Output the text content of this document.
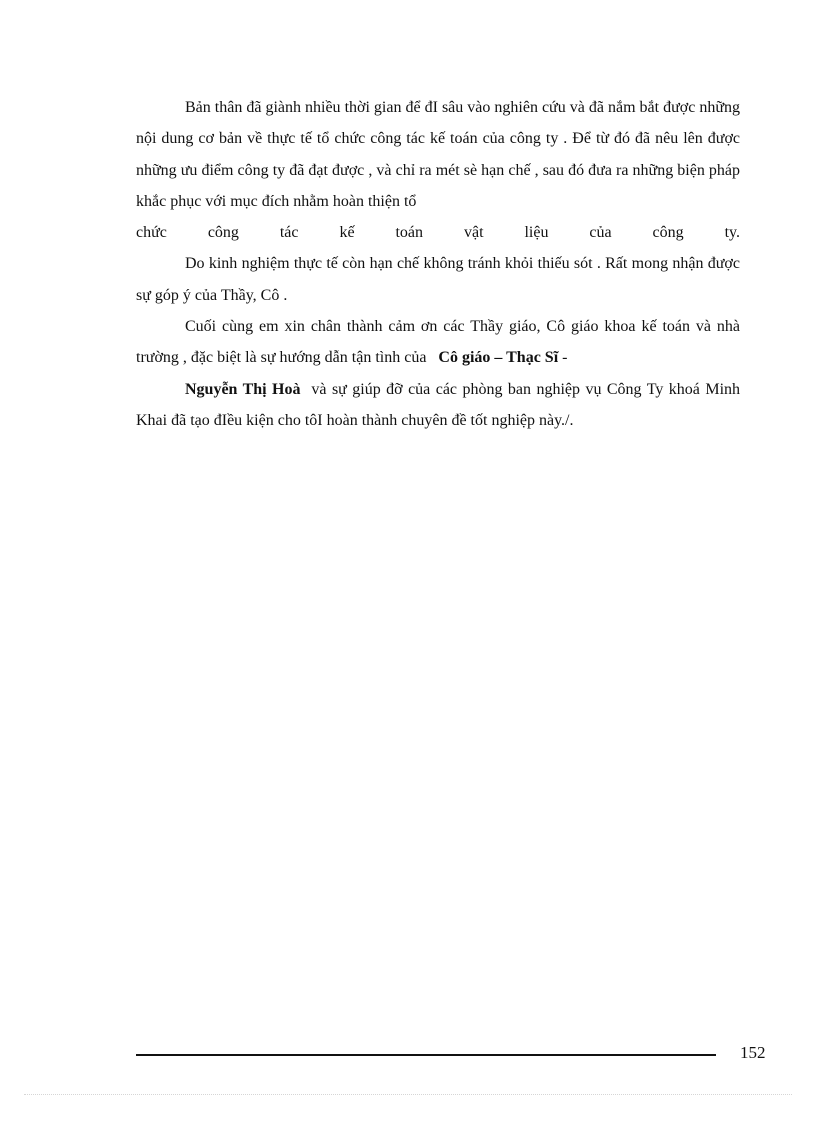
Bản thân đã giành nhiều thời gian để đI sâu vào nghiên cứu và đã nắm bắt được những nội dung cơ bản về thực tế tổ chức công tác kế toán của công ty . Để từ đó đã nêu lên được những ưu điểm công ty đã đạt được , và chỉ ra mét sè hạn chế , sau đó đưa ra những biện pháp khắc phục với mục đích nhằm hoàn thiện tổ

chức công tác kế toán vật liệu của công ty.

Do kinh nghiệm thực tế còn hạn chế không tránh khỏi thiếu sót . Rất mong nhận được sự góp ý của Thầy, Cô .

Cuối cùng em xin chân thành cảm ơn các Thầy giáo, Cô giáo khoa kế toán và nhà trường , đặc biệt là sự hướng dẫn tận tình của Cô giáo – Thạc Sĩ -

Nguyễn Thị Hoà và sự giúp đỡ của các phòng ban nghiệp vụ Công Ty khoá Minh Khai đã tạo đIều kiện cho tôI hoàn thành chuyên đề tốt nghiệp này./.

152
